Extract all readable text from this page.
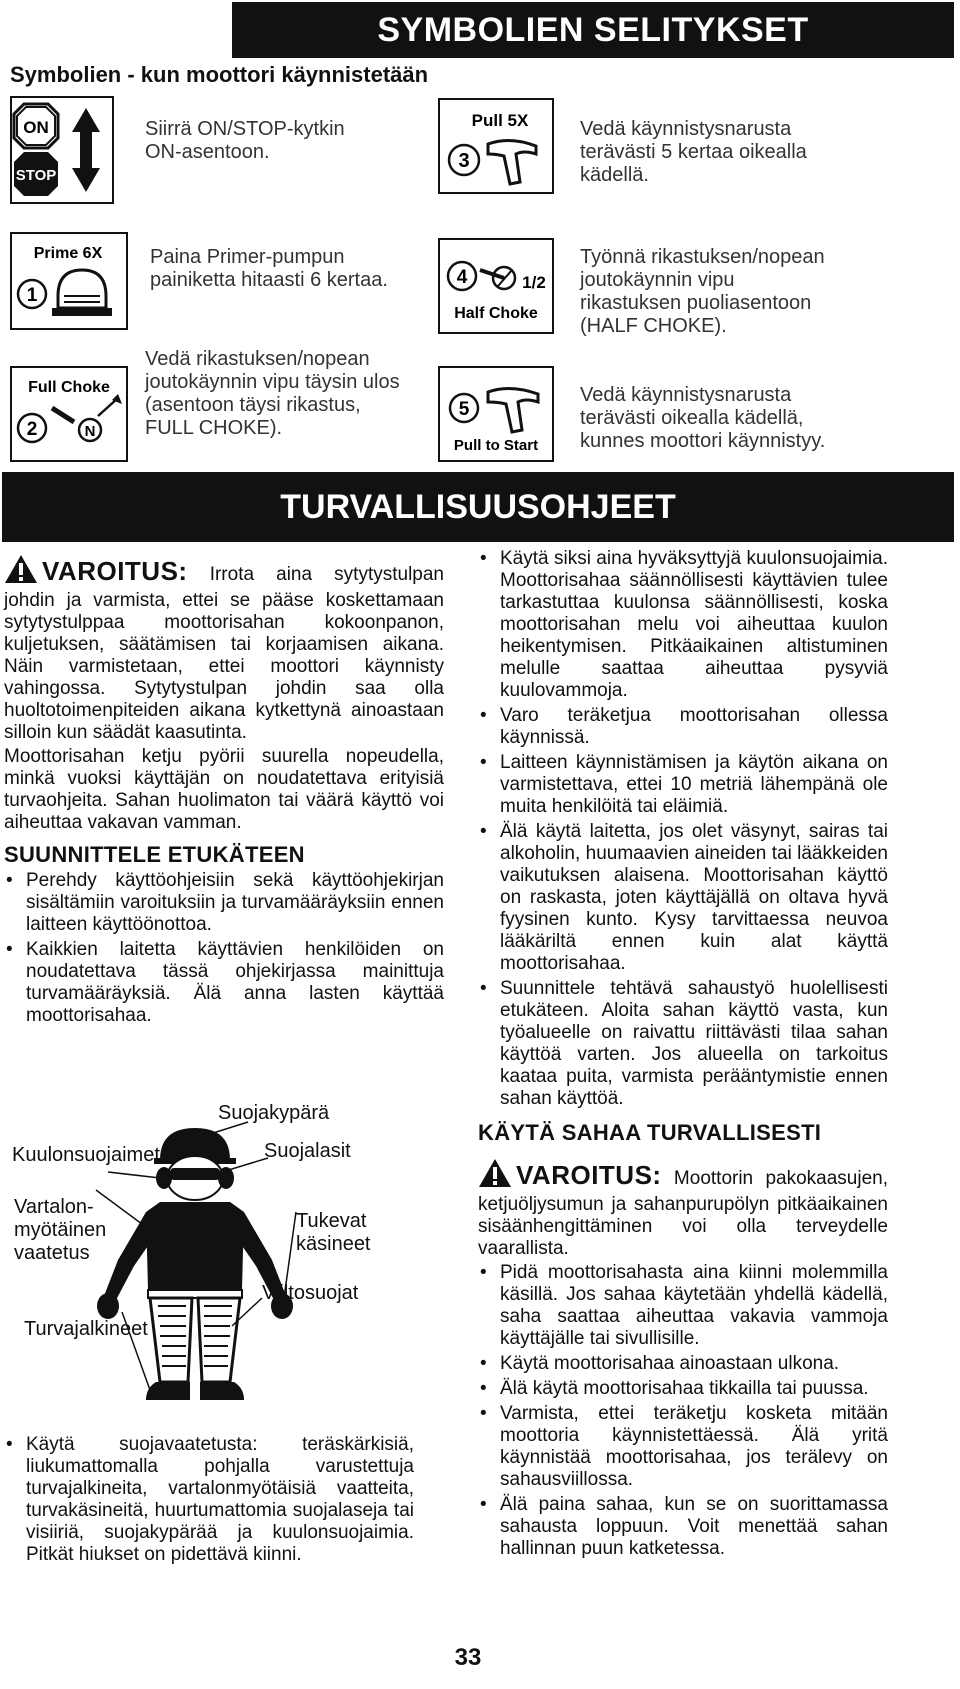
SYMBOLIEN SELITYKSET
Symbolien - kun moottori käynnistetään
ON
STOP
Siirrä ON/STOP-kytkin ON-asentoon.
Pull 5X
3
Vedä käynnistysnarusta terävästi 5 kertaa oikealla kädellä.
Prime 6X
1
Paina Primer-pumpun painiketta hitaasti 6 kertaa.	4	1/2
Half Choke
Työnnä rikastuksen/nopean joutokäynnin vipu rikastuksen puoliasentoon (HALF CHOKE).
Full Choke
2	N
Vedä rikastuksen/nopean joutokäynnin vipu täysin ulos (asentoon täysi rikastus, FULL CHOKE).
5
Pull to Start
Vedä käynnistysnarusta terävästi oikealla kädellä, kunnes moottori käynnistyy.
TURVALLISUUSOHJEET
VAROITUS: Irrota aina sytytystulpan johdin ja varmista, ettei se pääse koskettamaan sytytystulppaa moottorisahan kokoonpanon, kuljetuksen, säätämisen tai korjaamisen aikana. Näin varmistetaan, ettei moottori käynnisty vahingossa. Sytytystulpan johdin saa olla huoltotoimenpiteiden aikana kytkettynä ainoastaan silloin kun säädät kaasutinta.
Moottorisahan ketju pyörii suurella nopeudella, minkä vuoksi käyttäjän on noudatettava erityisiä turvaohjeita. Sahan huolimaton tai väärä käyttö voi aiheuttaa vakavan vamman.
SUUNNITTELE ETUKÄTEEN
• Perehdy käyttöohjeisiin sekä käyttöohjekirjan sisältämiin varoituksiin ja turvamääräyksiin ennen laitteen käyttöönottoa.
• Kaikkien laitetta käyttävien henkilöiden on noudatettava tässä ohjekirjassa mainittuja turvamääräyksiä. Älä anna lasten käyttää moottorisahaa.
Kuulonsuojaimet
Suojakypärä
Suojalasit
Vartalon-
myötäinen
vaatetus
Tukevat
käsineet
Turvajalkineet
Viiltosuojat
• Käytä suojavaatetusta: teräskärkisiä, liukumattomalla pohjalla varustettuja turvajalkineita, vartalonmyötäisiä vaatteita, turvakäsineitä, huurtumattomia suojalaseja tai visiiriä, suojakypärää ja kuulonsuojaimia. Pitkät hiukset on pidettävä kiinni.
33
• Käytä siksi aina hyväksyttyjä kuulonsuojaimia. Moottorisahaa säännöllisesti käyttävien tulee tarkastuttaa kuulonsa säännöllisesti, koska moottorisahan melu voi aiheuttaa kuulon heikentymisen. Pitkäaikainen altistuminen melulle saattaa aiheuttaa pysyviä kuulovammoja.
• Varo teräketjua moottorisahan ollessa käynnissä.
• Laitteen käynnistämisen ja käytön aikana on varmistettava, ettei 10 metriä lähempänä ole muita henkilöitä tai eläimiä.
• Älä käytä laitetta, jos olet väsynyt, sairas tai alkoholin, huumaavien aineiden tai lääkkeiden vaikutuksen alaisena. Moottorisahan käyttö on raskasta, joten käyttäjällä on oltava hyvä fyysinen kunto. Kysy tarvittaessa neuvoa lääkäriltä ennen kuin alat käyttä moottorisahaa.
• Suunnittele tehtävä sahaustyö huolellisesti etukäteen. Aloita sahan käyttö vasta, kun työalueelle on raivattu riittävästi tilaa sahan käyttöä varten. Jos alueella on tarkoitus kaataa puita, varmista perääntymistie ennen sahan käyttöä.
KÄYTÄ SAHAA TURVALLISESTI
VAROITUS: Moottorin pakokaasujen, ketjuöljysumun ja sahanpurupölyn pitkäaikainen sisäänhengittäminen voi olla terveydelle vaarallista.
• Pidä moottorisahasta aina kiinni molemmilla käsillä. Jos sahaa käytetään yhdellä kädellä, saha saattaa aiheuttaa vakavia vammoja käyttäjälle tai sivullisille.
• Käytä moottorisahaa ainoastaan ulkona.
• Älä käytä moottorisahaa tikkailla tai puussa.
• Varmista, ettei teräketju kosketa mitään moottoria käynnistettäessä. Älä yritä käynnistää moottorisahaa, jos terälevy on sahausviillossa.
• Älä paina sahaa, kun se on suorittamassa sahausta loppuun. Voit menettää sahan hallinnan puun katketessa.
